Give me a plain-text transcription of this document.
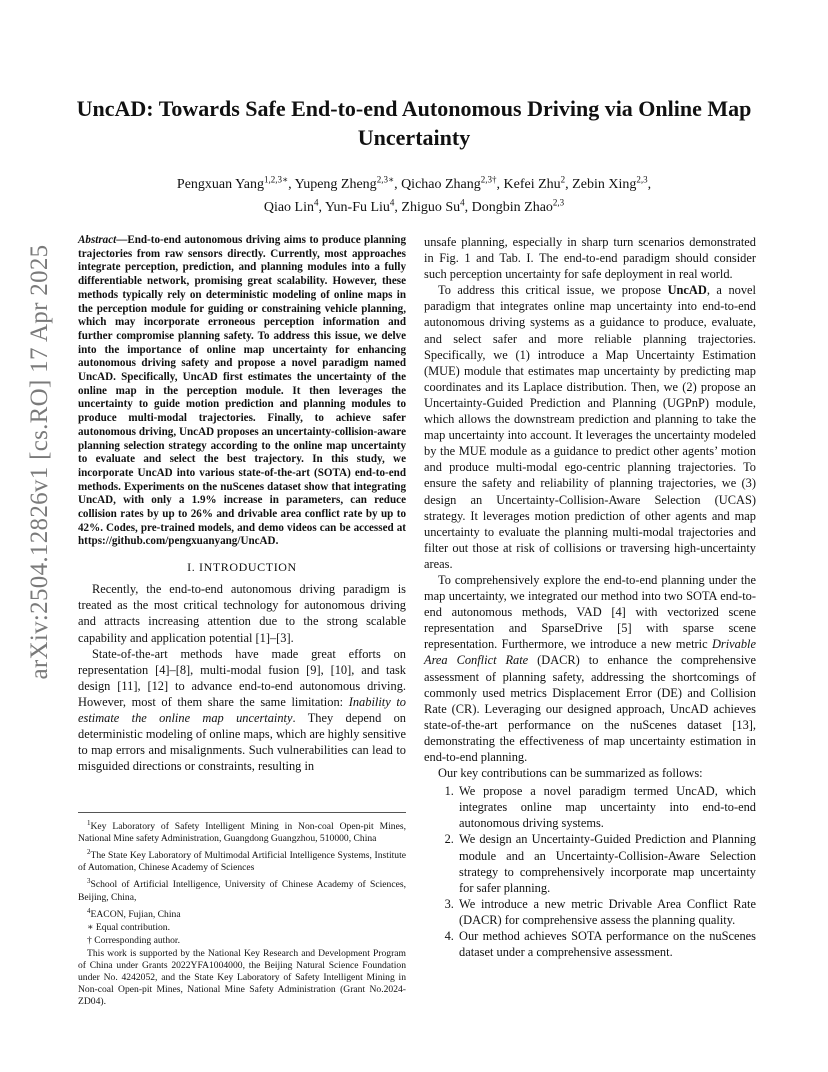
arXiv:2504.12826v1 [cs.RO] 17 Apr 2025
UncAD: Towards Safe End-to-end Autonomous Driving via Online Map Uncertainty
Pengxuan Yang$^{1,2,3∗}$, Yupeng Zheng$^{2,3∗}$, Qichao Zhang$^{2,3\dagger}$, Kefei Zhu$^2$, Zebin Xing$^{2,3}$,
Qiao Lin$^4$, Yun-Fu Liu$^4$, Zhiguo Su$^4$, Dongbin Zhao$^{2,3}$

Abstract—End-to-end autonomous driving aims to produce planning trajectories from raw sensors directly. Currently, most approaches integrate perception, prediction, and planning modules into a fully differentiable network, promising great scalability. However, these methods typically rely on deterministic modeling of online maps in the perception module for guiding or constraining vehicle planning, which may incorporate erroneous perception information and further compromise planning safety. To address this issue, we delve into the importance of online map uncertainty for enhancing autonomous driving safety and propose a novel paradigm named UncAD. Specifically, UncAD first estimates the uncertainty of the online map in the perception module. It then leverages the uncertainty to guide motion prediction and planning modules to produce multi-modal trajectories. Finally, to achieve safer autonomous driving, UncAD proposes an uncertainty-collision-aware planning selection strategy according to the online map uncertainty to evaluate and select the best trajectory. In this study, we incorporate UncAD into various state-of-the-art (SOTA) end-to-end methods. Experiments on the nuScenes dataset show that integrating UncAD, with only a 1.9% increase in parameters, can reduce collision rates by up to 26% and drivable area conflict rate by up to 42%. Codes, pre-trained models, and demo videos can be accessed at https://github.com/pengxuanyang/UncAD.

I. INTRODUCTION

Recently, the end-to-end autonomous driving paradigm is treated as the most critical technology for autonomous driving and attracts increasing attention due to the strong scalable capability and application potential [1]–[3].

State-of-the-art methods have made great efforts on representation [4]–[8], multi-modal fusion [9], [10], and task design [11], [12] to advance end-to-end autonomous driving. However, most of them share the same limitation: Inability to estimate the online map uncertainty. They depend on deterministic modeling of online maps, which are highly sensitive to map errors and misalignments. Such vulnerabilities can lead to misguided directions or constraints, resulting in

$^1$Key Laboratory of Safety Intelligent Mining in Non-coal Open-pit Mines, National Mine safety Administration, Guangdong Guangzhou, 510000, China

$^2$The State Key Laboratory of Multimodal Artificial Intelligence Systems, Institute of Automation, Chinese Academy of Sciences

$^3$School of Artificial Intelligence, University of Chinese Academy of Sciences, Beijing, China,

$^4$EACON, Fujian, China

∗ Equal contribution.

† Corresponding author.

This work is supported by the National Key Research and Development Program of China under Grants 2022YFA1004000, the Beijing Natural Science Foundation under No. 4242052, and the State Key Laboratory of Safety Intelligent Mining in Non-coal Open-pit Mines, National Mine Safety Administration (Grant No.2024-ZD04).

unsafe planning, especially in sharp turn scenarios demonstrated in Fig. 1 and Tab. I. The end-to-end paradigm should consider such perception uncertainty for safe deployment in real world.

To address this critical issue, we propose UncAD, a novel paradigm that integrates online map uncertainty into end-to-end autonomous driving systems as a guidance to produce, evaluate, and select safer and more reliable planning trajectories. Specifically, we (1) introduce a Map Uncertainty Estimation (MUE) module that estimates map uncertainty by predicting map coordinates and its Laplace distribution. Then, we (2) propose an Uncertainty-Guided Prediction and Planning (UGPnP) module, which allows the downstream prediction and planning to take the map uncertainty into account. It leverages the uncertainty modeled by the MUE module as a guidance to predict other agents’ motion and produce multi-modal ego-centric planning trajectories. To ensure the safety and reliability of planning trajectories, we (3) design an Uncertainty-Collision-Aware Selection (UCAS) strategy. It leverages motion prediction of other agents and map uncertainty to evaluate the planning multi-modal trajectories and filter out those at risk of collisions or traversing high-uncertainty areas.

To comprehensively explore the end-to-end planning under the map uncertainty, we integrated our method into two SOTA end-to-end autonomous methods, VAD [4] with vectorized scene representation and SparseDrive [5] with sparse scene representation. Furthermore, we introduce a new metric Drivable Area Conflict Rate (DACR) to enhance the comprehensive assessment of planning safety, addressing the shortcomings of commonly used metrics Displacement Error (DE) and Collision Rate (CR). Leveraging our designed approach, UncAD achieves state-of-the-art performance on the nuScenes dataset [13], demonstrating the effectiveness of map uncertainty estimation in end-to-end planning.

Our key contributions can be summarized as follows:

1. We propose a novel paradigm termed UncAD, which integrates online map uncertainty into end-to-end autonomous driving systems.
2. We design an Uncertainty-Guided Prediction and Planning module and an Uncertainty-Collision-Aware Selection strategy to comprehensively incorporate map uncertainty for safer planning.
3. We introduce a new metric Drivable Area Conflict Rate (DACR) for comprehensive assess the planning quality.
4. Our method achieves SOTA performance on the nuScenes dataset under a comprehensive assessment.
